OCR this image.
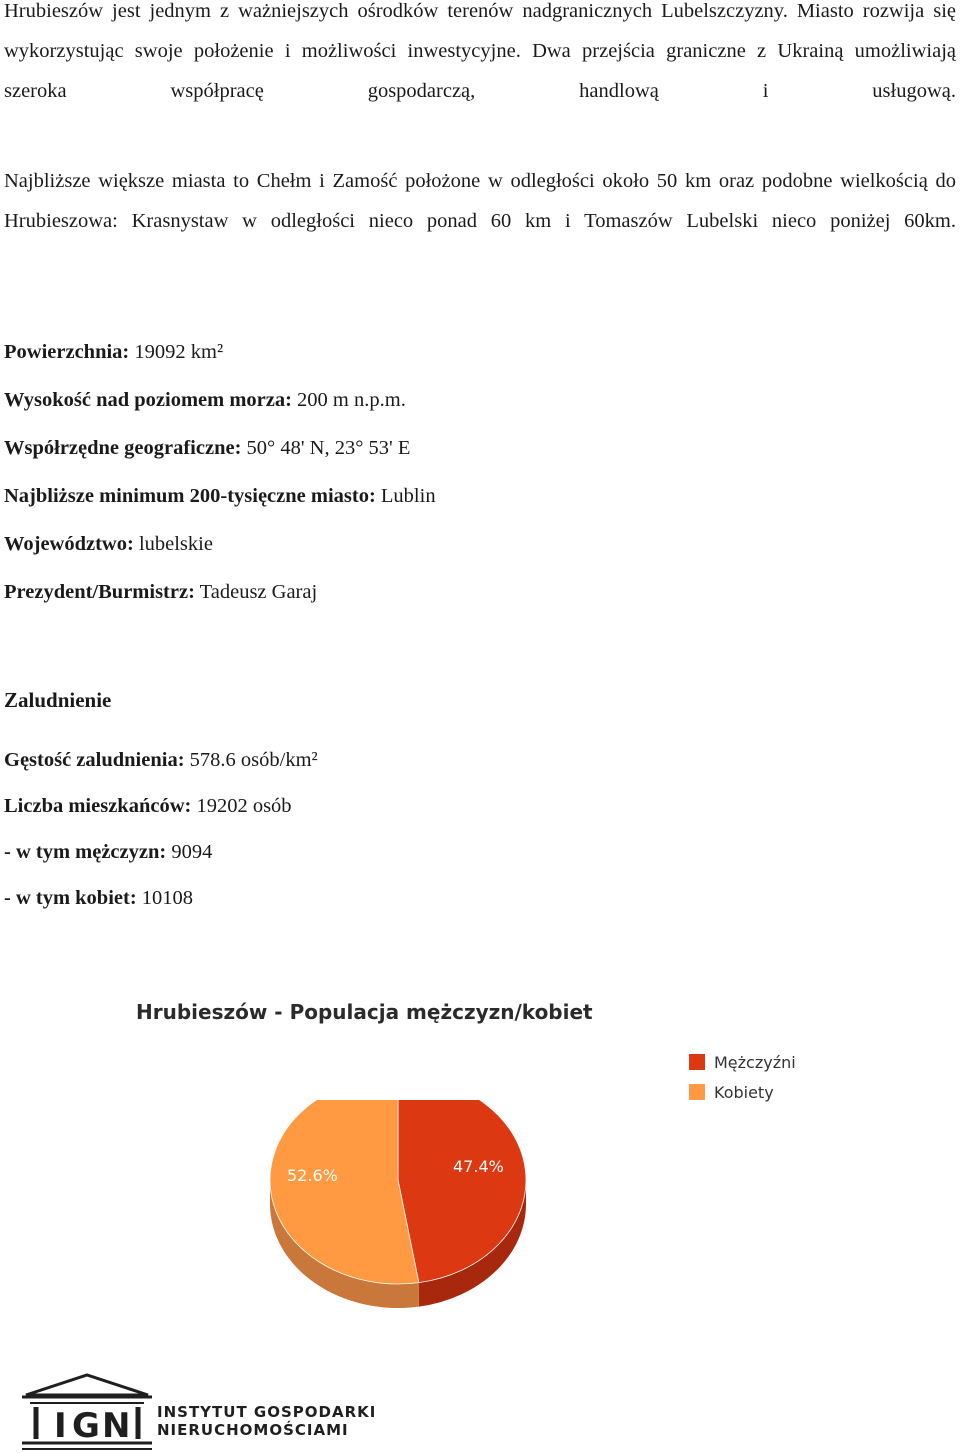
Hrubieszów jest jednym z ważniejszych ośrodków terenów nadgranicznych Lubelszczyzny. Miasto rozwija się wykorzystując swoje położenie i możliwości inwestycyjne. Dwa przejścia graniczne z Ukrainą umożliwiają szeroka współpracę gospodarczą, handlową i usługową.

Najbliższe większe miasta to Chełm i Zamość położone w odległości około 50 km oraz podobne wielkością do Hrubieszowa: Krasnystaw w odległości nieco ponad 60 km i Tomaszów Lubelski nieco poniżej 60km.

Powierzchnia: 19092 km²

Wysokość nad poziomem morza: 200 m n.p.m.

Współrzędne geograficzne: 50° 48' N, 23° 53' E

Najbliższe minimum 200-tysięczne miasto: Lublin

Województwo: lubelskie

Prezydent/Burmistrz: Tadeusz Garaj

Zaludnienie

Gęstość zaludnienia: 578.6 osób/km²

Liczba mieszkańców: 19202 osób

- w tym mężczyzn: 9094

- w tym kobiet: 10108

Hrubieszów - Populacja mężczyzn/kobiet
Mężczyźni
Kobiety
52.6%	47.4%
I G N INSTYTUT GOSPODARKI
NIERUCHOMOŚCIAMI
